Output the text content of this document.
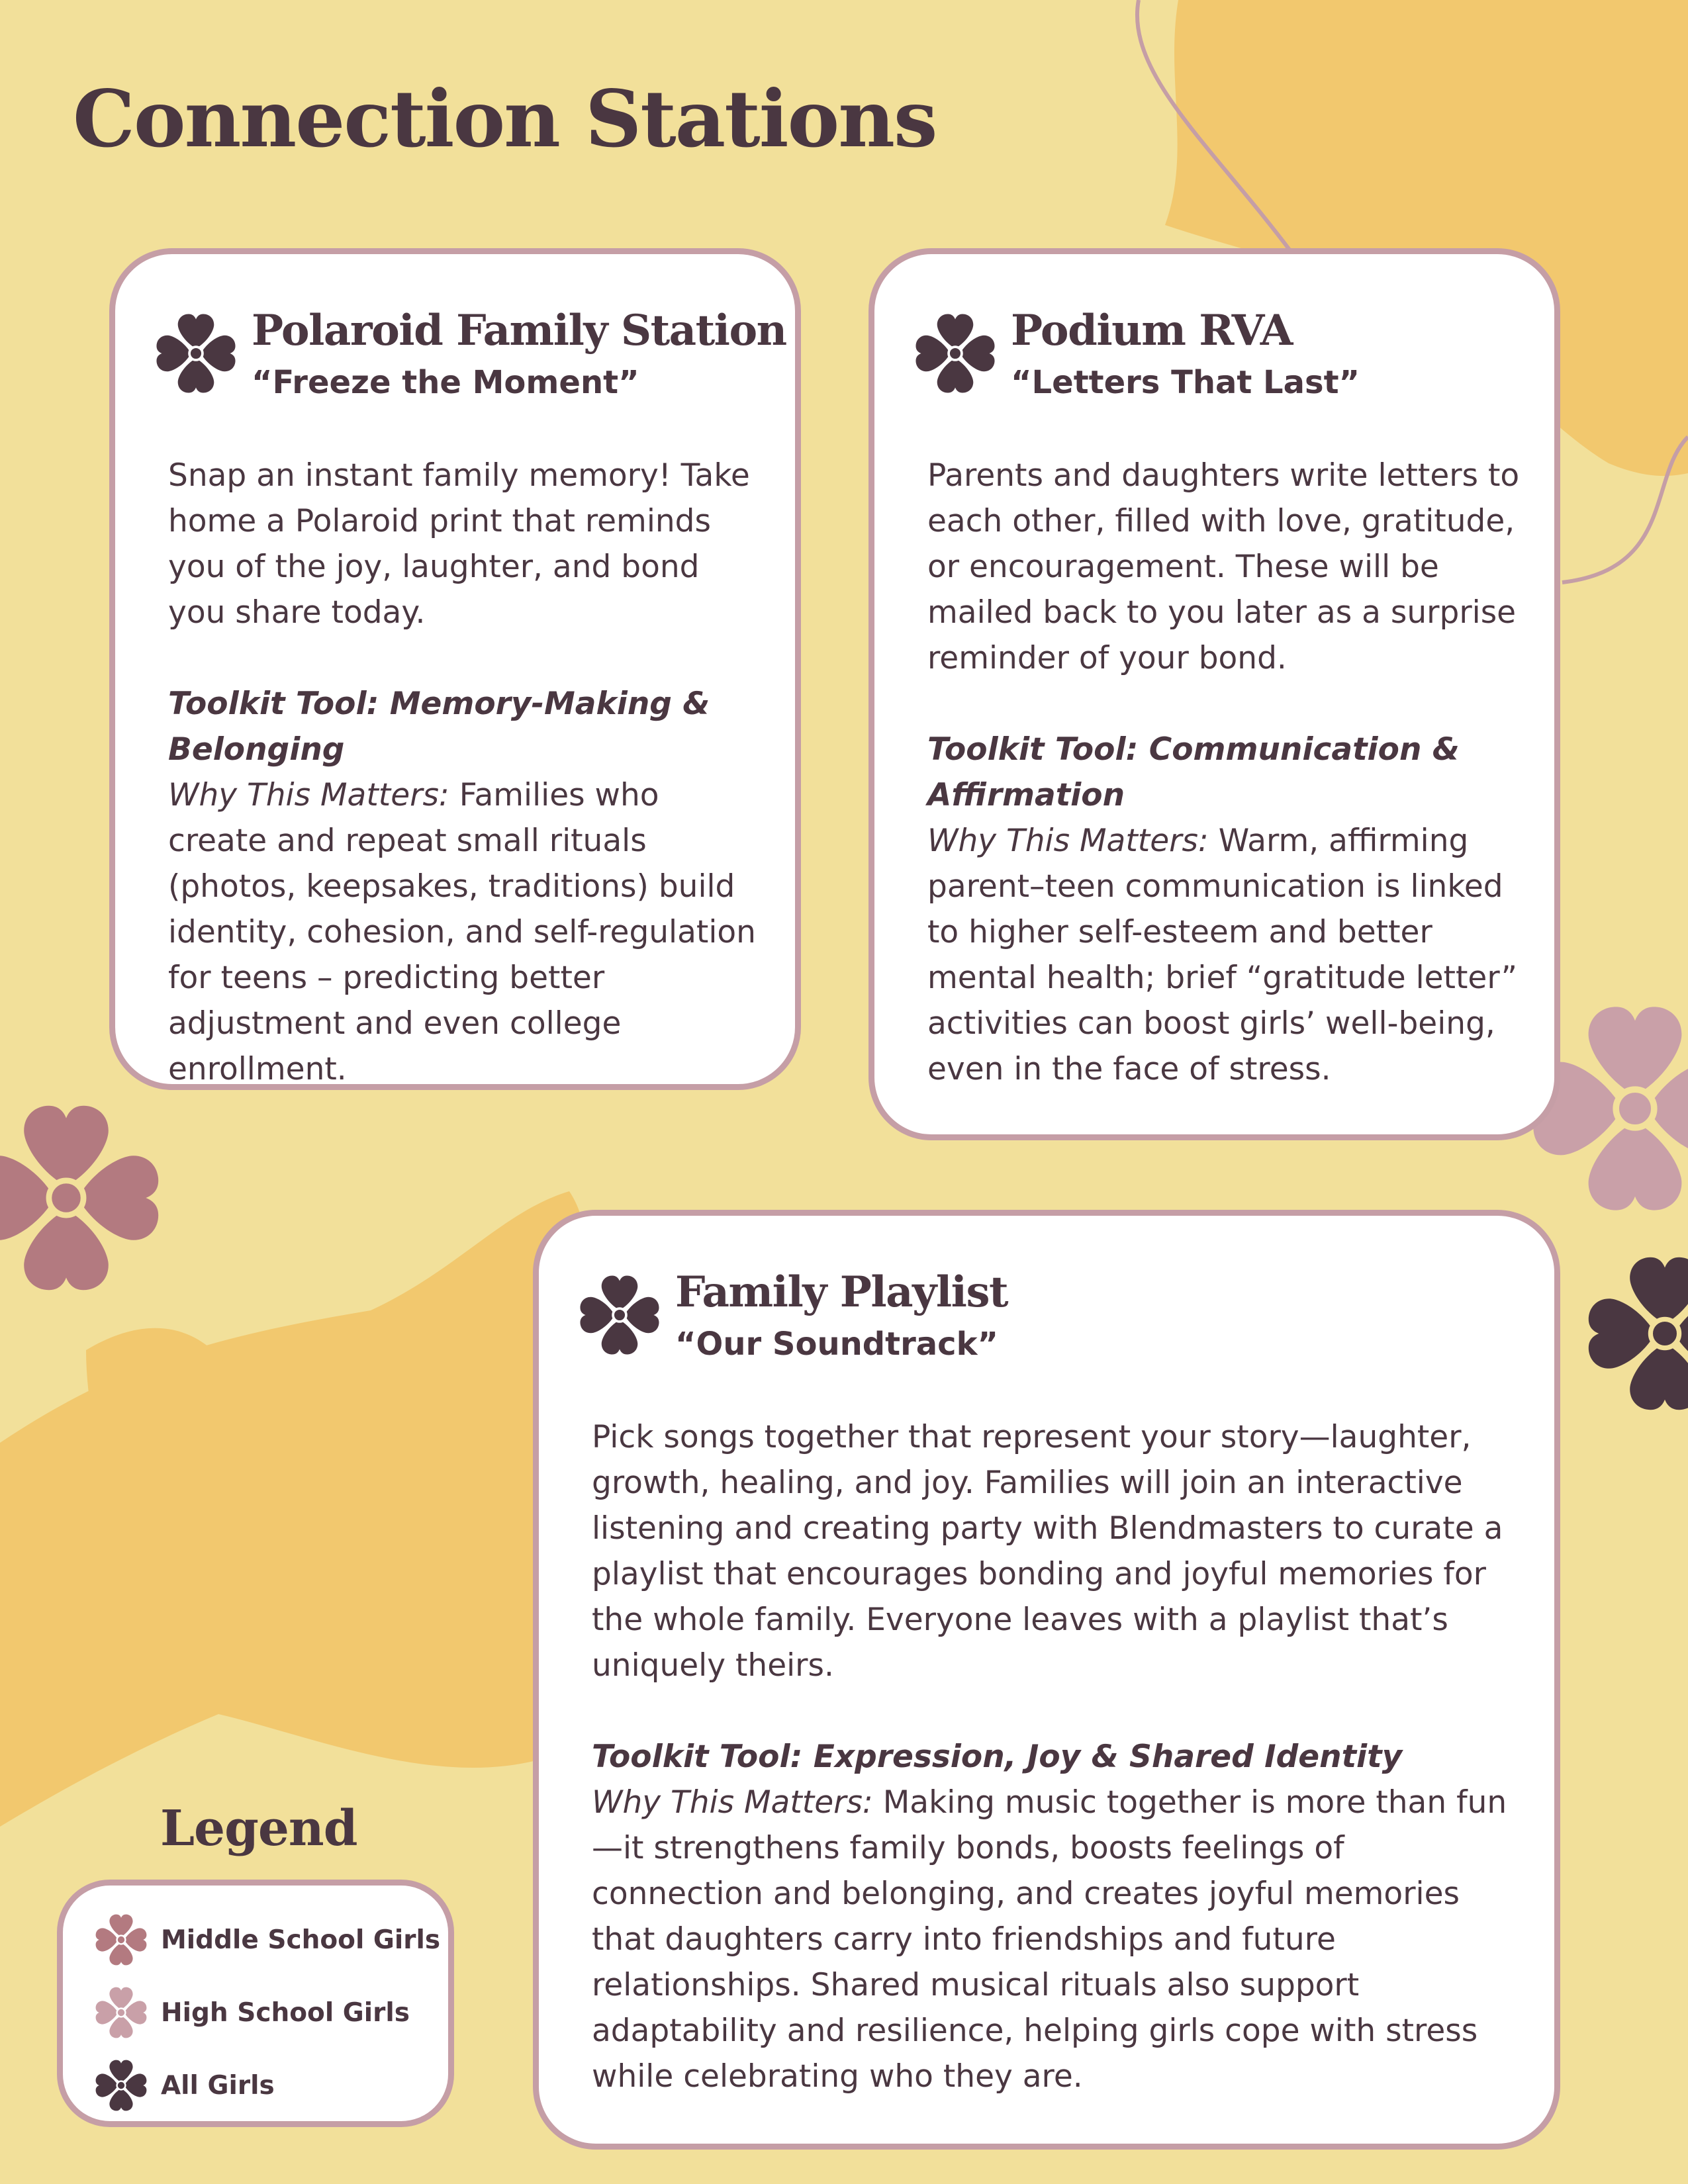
Connection Stations
Polaroid Family Station
“Freeze the Moment”

Snap an instant family memory! Take home a Polaroid print that reminds you of the joy, laughter, and bond you share today.

Toolkit Tool: Memory-Making & Belonging
Why This Matters: Families who create and repeat small rituals (photos, keepsakes, traditions) build identity, cohesion, and self-regulation for teens – predicting better adjustment and even college enrollment.
Podium RVA
“Letters That Last”

Parents and daughters write letters to each other, filled with love, gratitude, or encouragement. These will be mailed back to you later as a surprise reminder of your bond.

Toolkit Tool: Communication & Affirmation
Why This Matters: Warm, affirming parent–teen communication is linked to higher self-esteem and better mental health; brief “gratitude letter” activities can boost girls’ well-being, even in the face of stress.
Family Playlist
“Our Soundtrack”

Pick songs together that represent your story—laughter, growth, healing, and joy. Families will join an interactive listening and creating party with Blendmasters to curate a playlist that encourages bonding and joyful memories for the whole family. Everyone leaves with a playlist that’s uniquely theirs.

Toolkit Tool: Expression, Joy & Shared Identity
Why This Matters: Making music together is more than fun—it strengthens family bonds, boosts feelings of connection and belonging, and creates joyful memories that daughters carry into friendships and future relationships. Shared musical rituals also support adaptability and resilience, helping girls cope with stress while celebrating who they are.
Legend
Middle School Girls
High School Girls
All Girls
